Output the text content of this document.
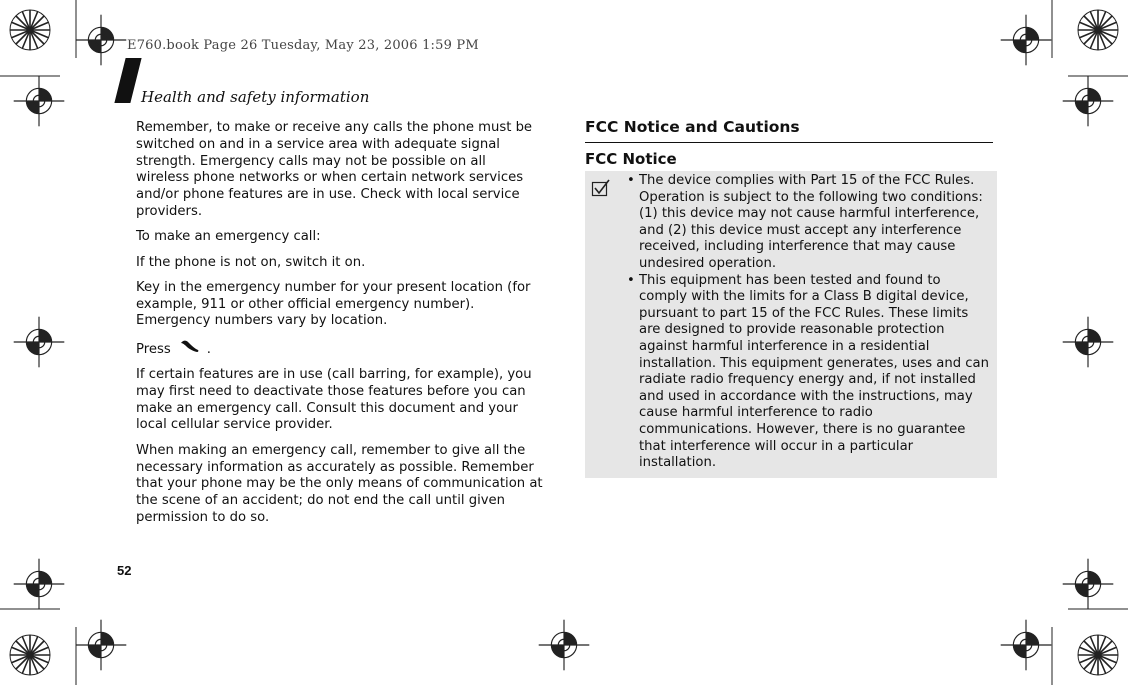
E760.book Page 26 Tuesday, May 23, 2006 1:59 PM
Health and safety information

Remember, to make or receive any calls the phone must be switched on and in a service area with adequate signal strength. Emergency calls may not be possible on all wireless phone networks or when certain network services and/or phone features are in use. Check with local service providers.

To make an emergency call:

If the phone is not on, switch it on.

Key in the emergency number for your present location (for example, 911 or other official emergency number). Emergency numbers vary by location.

Press	.

If certain features are in use (call barring, for example), you may first need to deactivate those features before you can make an emergency call. Consult this document and your local cellular service provider.

When making an emergency call, remember to give all the necessary information as accurately as possible. Remember that your phone may be the only means of communication at the scene of an accident; do not end the call until given permission to do so.

FCC Notice and Cautions
FCC Notice
• The device complies with Part 15 of the FCC Rules. Operation is subject to the following two conditions: (1) this device may not cause harmful interference, and (2) this device must accept any interference received, including interference that may cause undesired operation.
• This equipment has been tested and found to comply with the limits for a Class B digital device, pursuant to part 15 of the FCC Rules. These limits are designed to provide reasonable protection against harmful interference in a residential installation. This equipment generates, uses and can radiate radio frequency energy and, if not installed and used in accordance with the instructions, may cause harmful interference to radio communications. However, there is no guarantee that interference will occur in a particular installation.
52
